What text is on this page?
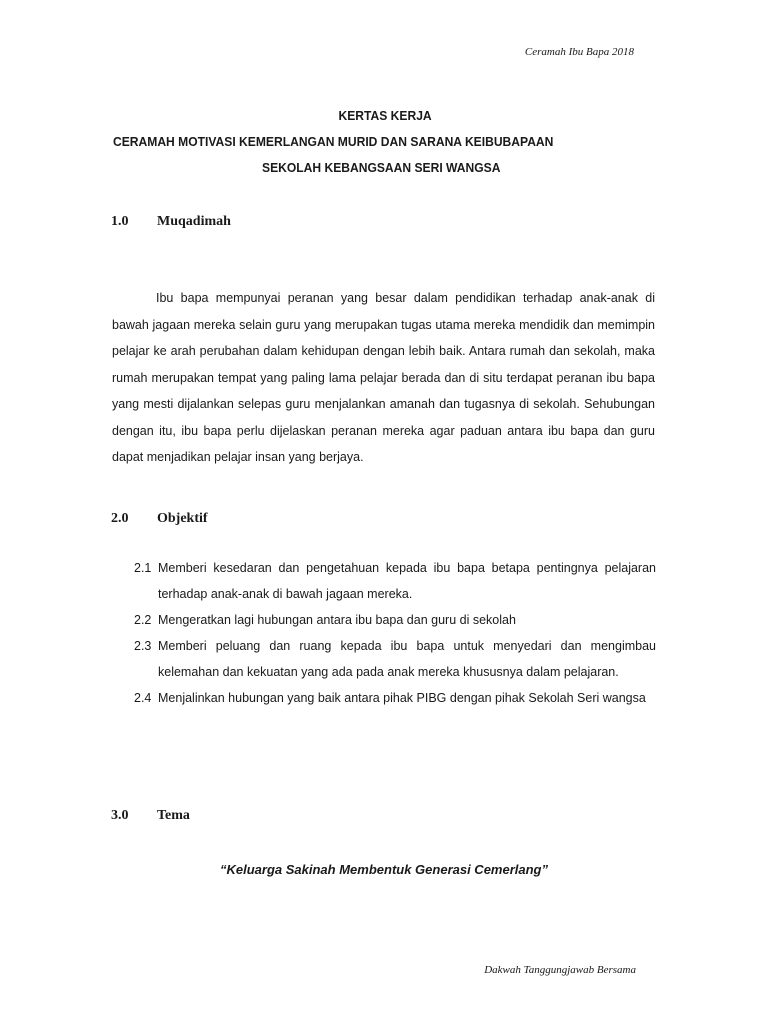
Ceramah Ibu Bapa 2018
KERTAS KERJA
CERAMAH MOTIVASI KEMERLANGAN MURID DAN SARANA KEIBUBAPAAN
SEKOLAH KEBANGSAAN SERI WANGSA
1.0 Muqadimah

Ibu bapa mempunyai peranan yang besar dalam pendidikan terhadap anak-anak di bawah jagaan mereka selain guru yang merupakan tugas utama mereka mendidik dan memimpin pelajar ke arah perubahan dalam kehidupan dengan lebih baik. Antara rumah dan sekolah, maka rumah merupakan tempat yang paling lama pelajar berada dan di situ terdapat peranan ibu bapa yang mesti dijalankan selepas guru menjalankan amanah dan tugasnya di sekolah. Sehubungan dengan itu, ibu bapa perlu dijelaskan peranan mereka agar paduan antara ibu bapa dan guru dapat menjadikan pelajar insan yang berjaya.

2.0 Objektif
2.1 Memberi kesedaran dan pengetahuan kepada ibu bapa betapa pentingnya pelajaran terhadap anak-anak di bawah jagaan mereka.
2.2 Mengeratkan lagi hubungan antara ibu bapa dan guru di sekolah
2.3 Memberi peluang dan ruang kepada ibu bapa untuk menyedari dan mengimbau kelemahan dan kekuatan yang ada pada anak mereka khususnya dalam pelajaran.
2.4 Menjalinkan hubungan yang baik antara pihak PIBG dengan pihak Sekolah Seri wangsa
3.0 Tema
“Keluarga Sakinah Membentuk Generasi Cemerlang”
Dakwah Tanggungjawab Bersama
